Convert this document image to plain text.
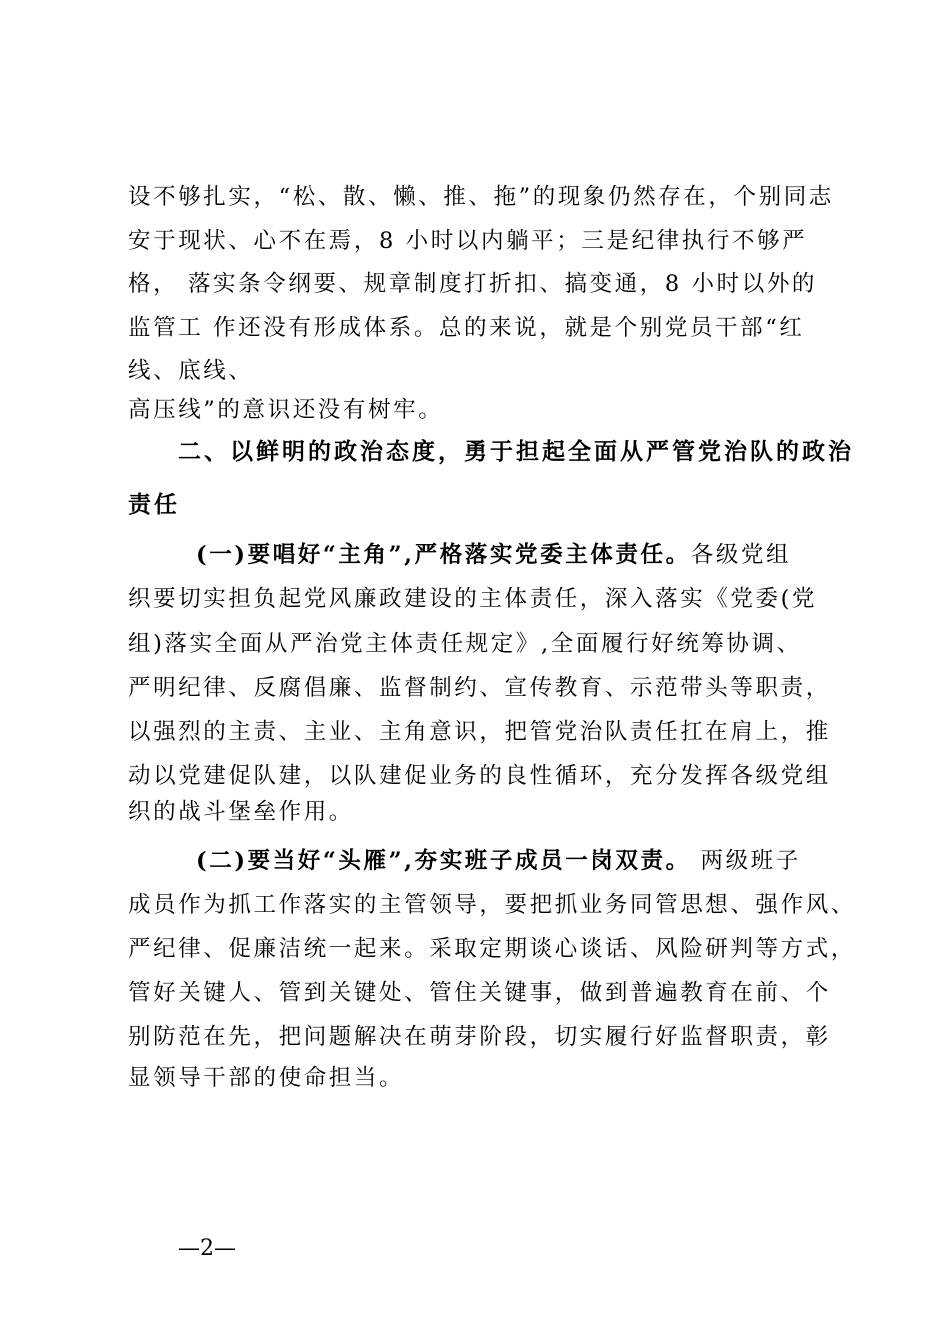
设不够扎实，“松、散、懒、推、拖”的现象仍然存在，个别同志
安于现状、心不在焉，8 小时以内躺平；三是纪律执行不够严
格， 落实条令纲要、规章制度打折扣、搞变通，8 小时以外的
监管工 作还没有形成体系。总的来说，就是个别党员干部“红
线、底线、
高压线”的意识还没有树牢。
二、以鲜明的政治态度，勇于担起全面从严管党治队的政治
责任
(一)要唱好“主角”,严格落实党委主体责任。各级党组
织要切实担负起党风廉政建设的主体责任，深入落实《党委(党
组)落实全面从严治党主体责任规定》,全面履行好统筹协调、
严明纪律、反腐倡廉、监督制约、宣传教育、示范带头等职责，
以强烈的主责、主业、主角意识，把管党治队责任扛在肩上，推
动以党建促队建，以队建促业务的良性循环，充分发挥各级党组
织的战斗堡垒作用。
(二)要当好“头雁”,夯实班子成员一岗双责。 两级班子
成员作为抓工作落实的主管领导，要把抓业务同管思想、强作风、
严纪律、促廉洁统一起来。采取定期谈心谈话、风险研判等方式，
管好关键人、管到关键处、管住关键事，做到普遍教育在前、个
别防范在先，把问题解决在萌芽阶段，切实履行好监督职责，彰
显领导干部的使命担当。
—2—
